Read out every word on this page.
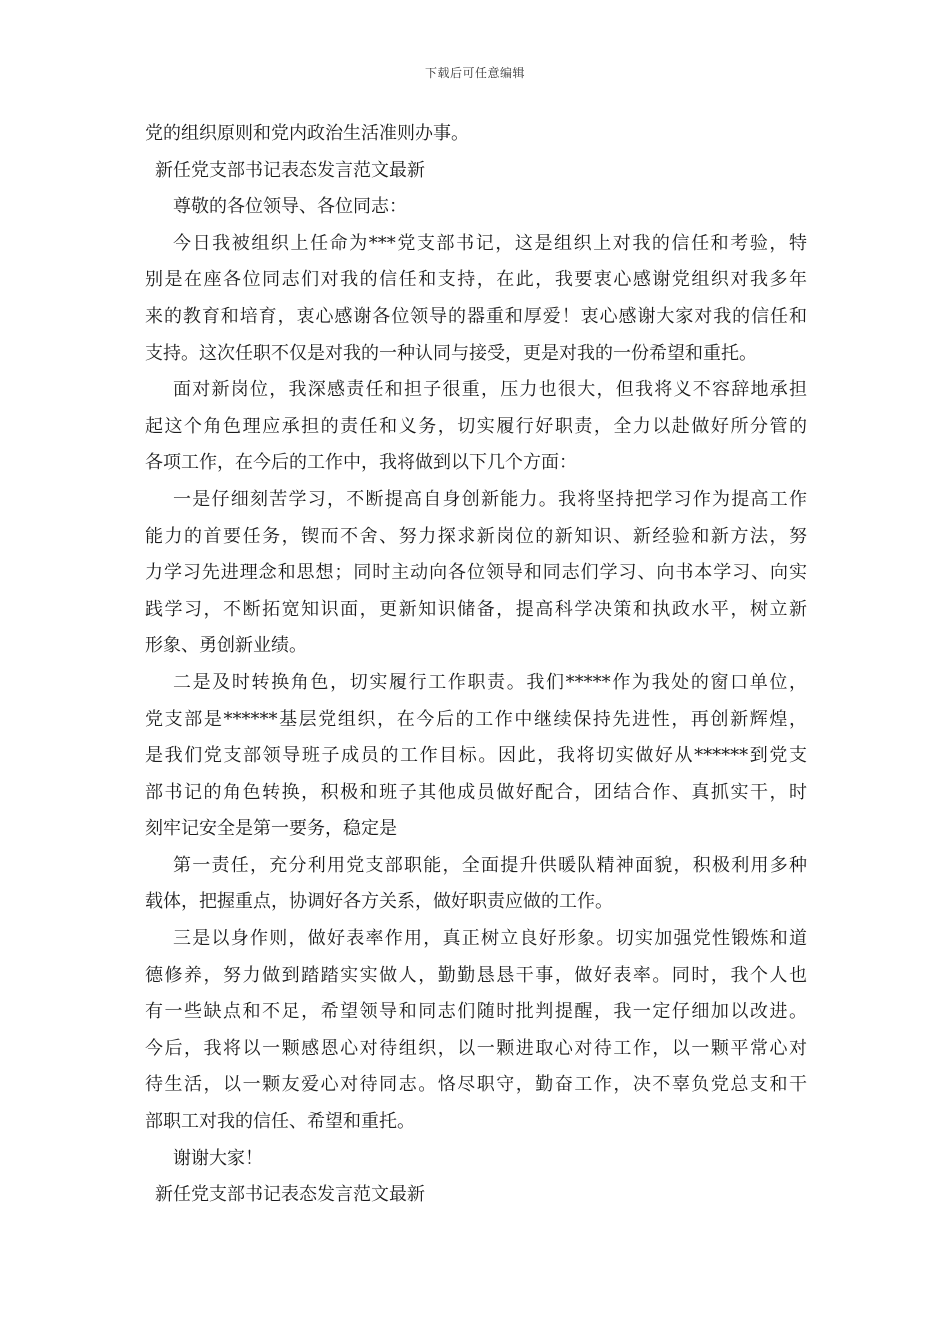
下载后可任意编辑

党的组织原则和党内政治生活准则办事。

新任党支部书记表态发言范文最新

尊敬的各位领导、各位同志：

今日我被组织上任命为***党支部书记，这是组织上对我的信任和考验，特

别是在座各位同志们对我的信任和支持，在此，我要衷心感谢党组织对我多年

来的教育和培育，衷心感谢各位领导的器重和厚爱！衷心感谢大家对我的信任和

支持。这次任职不仅是对我的一种认同与接受，更是对我的一份希望和重托。

面对新岗位，我深感责任和担子很重，压力也很大，但我将义不容辞地承担

起这个角色理应承担的责任和义务，切实履行好职责，全力以赴做好所分管的

各项工作，在今后的工作中，我将做到以下几个方面：

一是仔细刻苦学习，不断提高自身创新能力。我将坚持把学习作为提高工作

能力的首要任务，锲而不舍、努力探求新岗位的新知识、新经验和新方法，努

力学习先进理念和思想；同时主动向各位领导和同志们学习、向书本学习、向实

践学习，不断拓宽知识面，更新知识储备，提高科学决策和执政水平，树立新

形象、勇创新业绩。

二是及时转换角色，切实履行工作职责。我们*****作为我处的窗口单位，

党支部是******基层党组织，在今后的工作中继续保持先进性，再创新辉煌，

是我们党支部领导班子成员的工作目标。因此，我将切实做好从******到党支

部书记的角色转换，积极和班子其他成员做好配合，团结合作、真抓实干，时

刻牢记安全是第一要务，稳定是

第一责任，充分利用党支部职能，全面提升供暖队精神面貌，积极利用多种

载体，把握重点，协调好各方关系，做好职责应做的工作。

三是以身作则，做好表率作用，真正树立良好形象。切实加强党性锻炼和道

德修养，努力做到踏踏实实做人，勤勤恳恳干事，做好表率。同时，我个人也

有一些缺点和不足，希望领导和同志们随时批判提醒，我一定仔细加以改进。

今后，我将以一颗感恩心对待组织，以一颗进取心对待工作，以一颗平常心对

待生活，以一颗友爱心对待同志。恪尽职守，勤奋工作，决不辜负党总支和干

部职工对我的信任、希望和重托。

谢谢大家！

新任党支部书记表态发言范文最新
